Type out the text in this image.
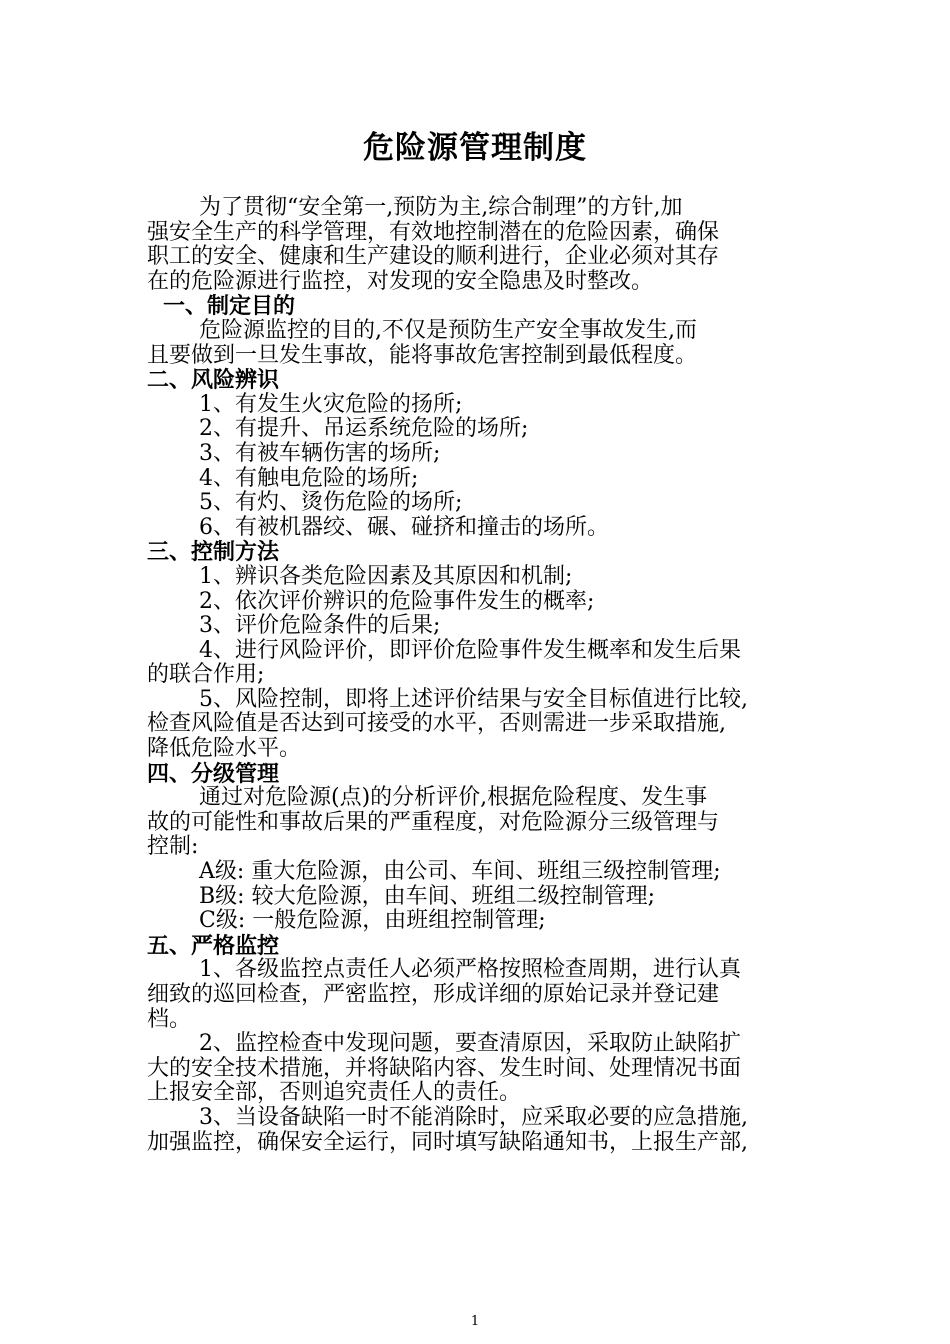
危险源管理制度

为了贯彻“安全第一,预防为主,综合制理”的方针,加

强安全生产的科学管理，有效地控制潜在的危险因素，确保

职工的安全、健康和生产建设的顺利进行，企业必须对其存

在的危险源进行监控，对发现的安全隐患及时整改。

一、制定目的

危险源监控的目的,不仅是预防生产安全事故发生,而

且要做到一旦发生事故，能将事故危害控制到最低程度。

二、风险辨识

1、有发生火灾危险的扬所;

2、有提升、吊运系统危险的场所;

3、有被车辆伤害的场所;

4、有触电危险的场所;

5、有灼、烫伤危险的场所;

6、有被机器绞、碾、碰挤和撞击的场所。

三、控制方法

1、辨识各类危险因素及其原因和机制;

2、依次评价辨识的危险事件发生的概率;

3、评价危险条件的后果;

4、进行风险评价，即评价危险事件发生概率和发生后果

的联合作用;

5、风险控制，即将上述评价结果与安全目标值进行比较,

检查风险值是否达到可接受的水平，否则需进一步采取措施,

降低危险水平。

四、分级管理

通过对危险源(点)的分析评价,根据危险程度、发生事

故的可能性和事故后果的严重程度，对危险源分三级管理与

控制:

A级: 重大危险源，由公司、车间、班组三级控制管理;

B级: 较大危险源，由车间、班组二级控制管理;

C级: 一般危险源，由班组控制管理;

五、严格监控

1、各级监控点责任人必须严格按照检查周期，进行认真

细致的巡回检查，严密监控，形成详细的原始记录并登记建

档。

2、监控检查中发现问题，要查清原因，采取防止缺陷扩

大的安全技术措施，并将缺陷内容、发生时间、处理情况书面

上报安全部，否则追究责任人的责任。

3、当设备缺陷一时不能消除时，应采取必要的应急措施,

加强监控，确保安全运行，同时填写缺陷通知书，上报生产部,

1
